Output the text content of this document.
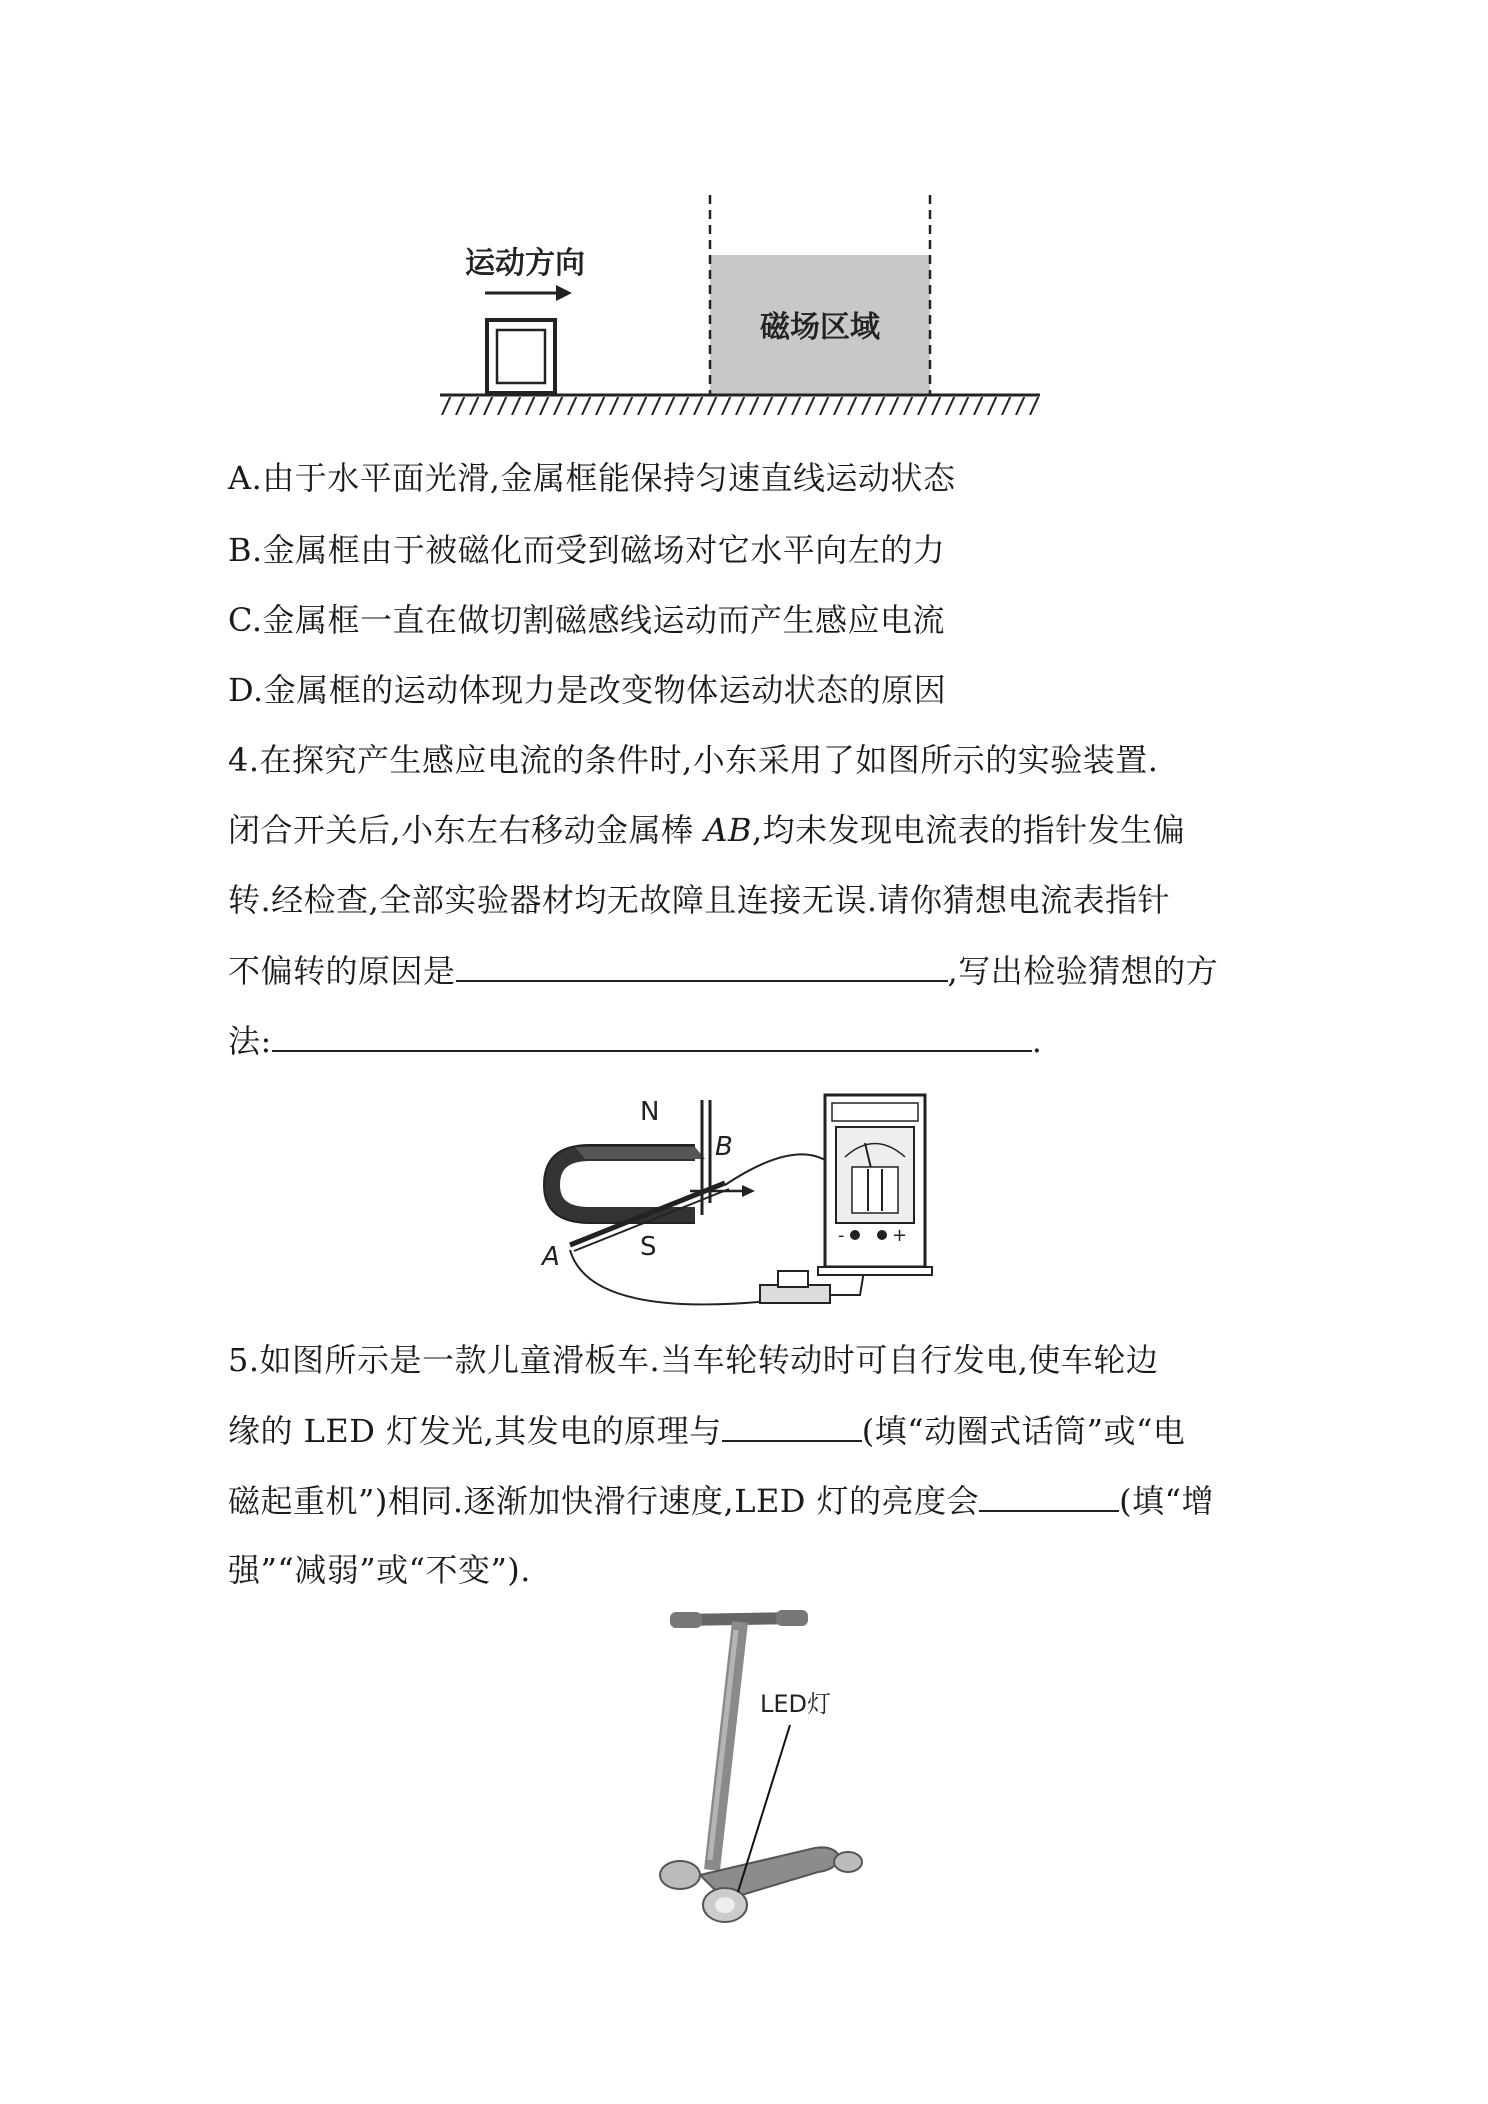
磁场区域
运动方向
A.由于水平面光滑,金属框能保持匀速直线运动状态
B.金属框由于被磁化而受到磁场对它水平向左的力
C.金属框一直在做切割磁感线运动而产生感应电流
D.金属框的运动体现力是改变物体运动状态的原因
4.在探究产生感应电流的条件时,小东采用了如图所示的实验装置.
闭合开关后,小东左右移动金属棒 AB,均未发现电流表的指针发生偏
转.经检查,全部实验器材均无故障且连接无误.请你猜想电流表指针
不偏转的原因是	,写出检验猜想的方
法:	.
N
S
A
B
-	+
5.如图所示是一款儿童滑板车.当车轮转动时可自行发电,使车轮边
缘的 LED 灯发光,其发电的原理与	(填“动圈式话筒”或“电
磁起重机”)相同.逐渐加快滑行速度,LED 灯的亮度会	(填“增
强”“减弱”或“不变”).
LED灯
